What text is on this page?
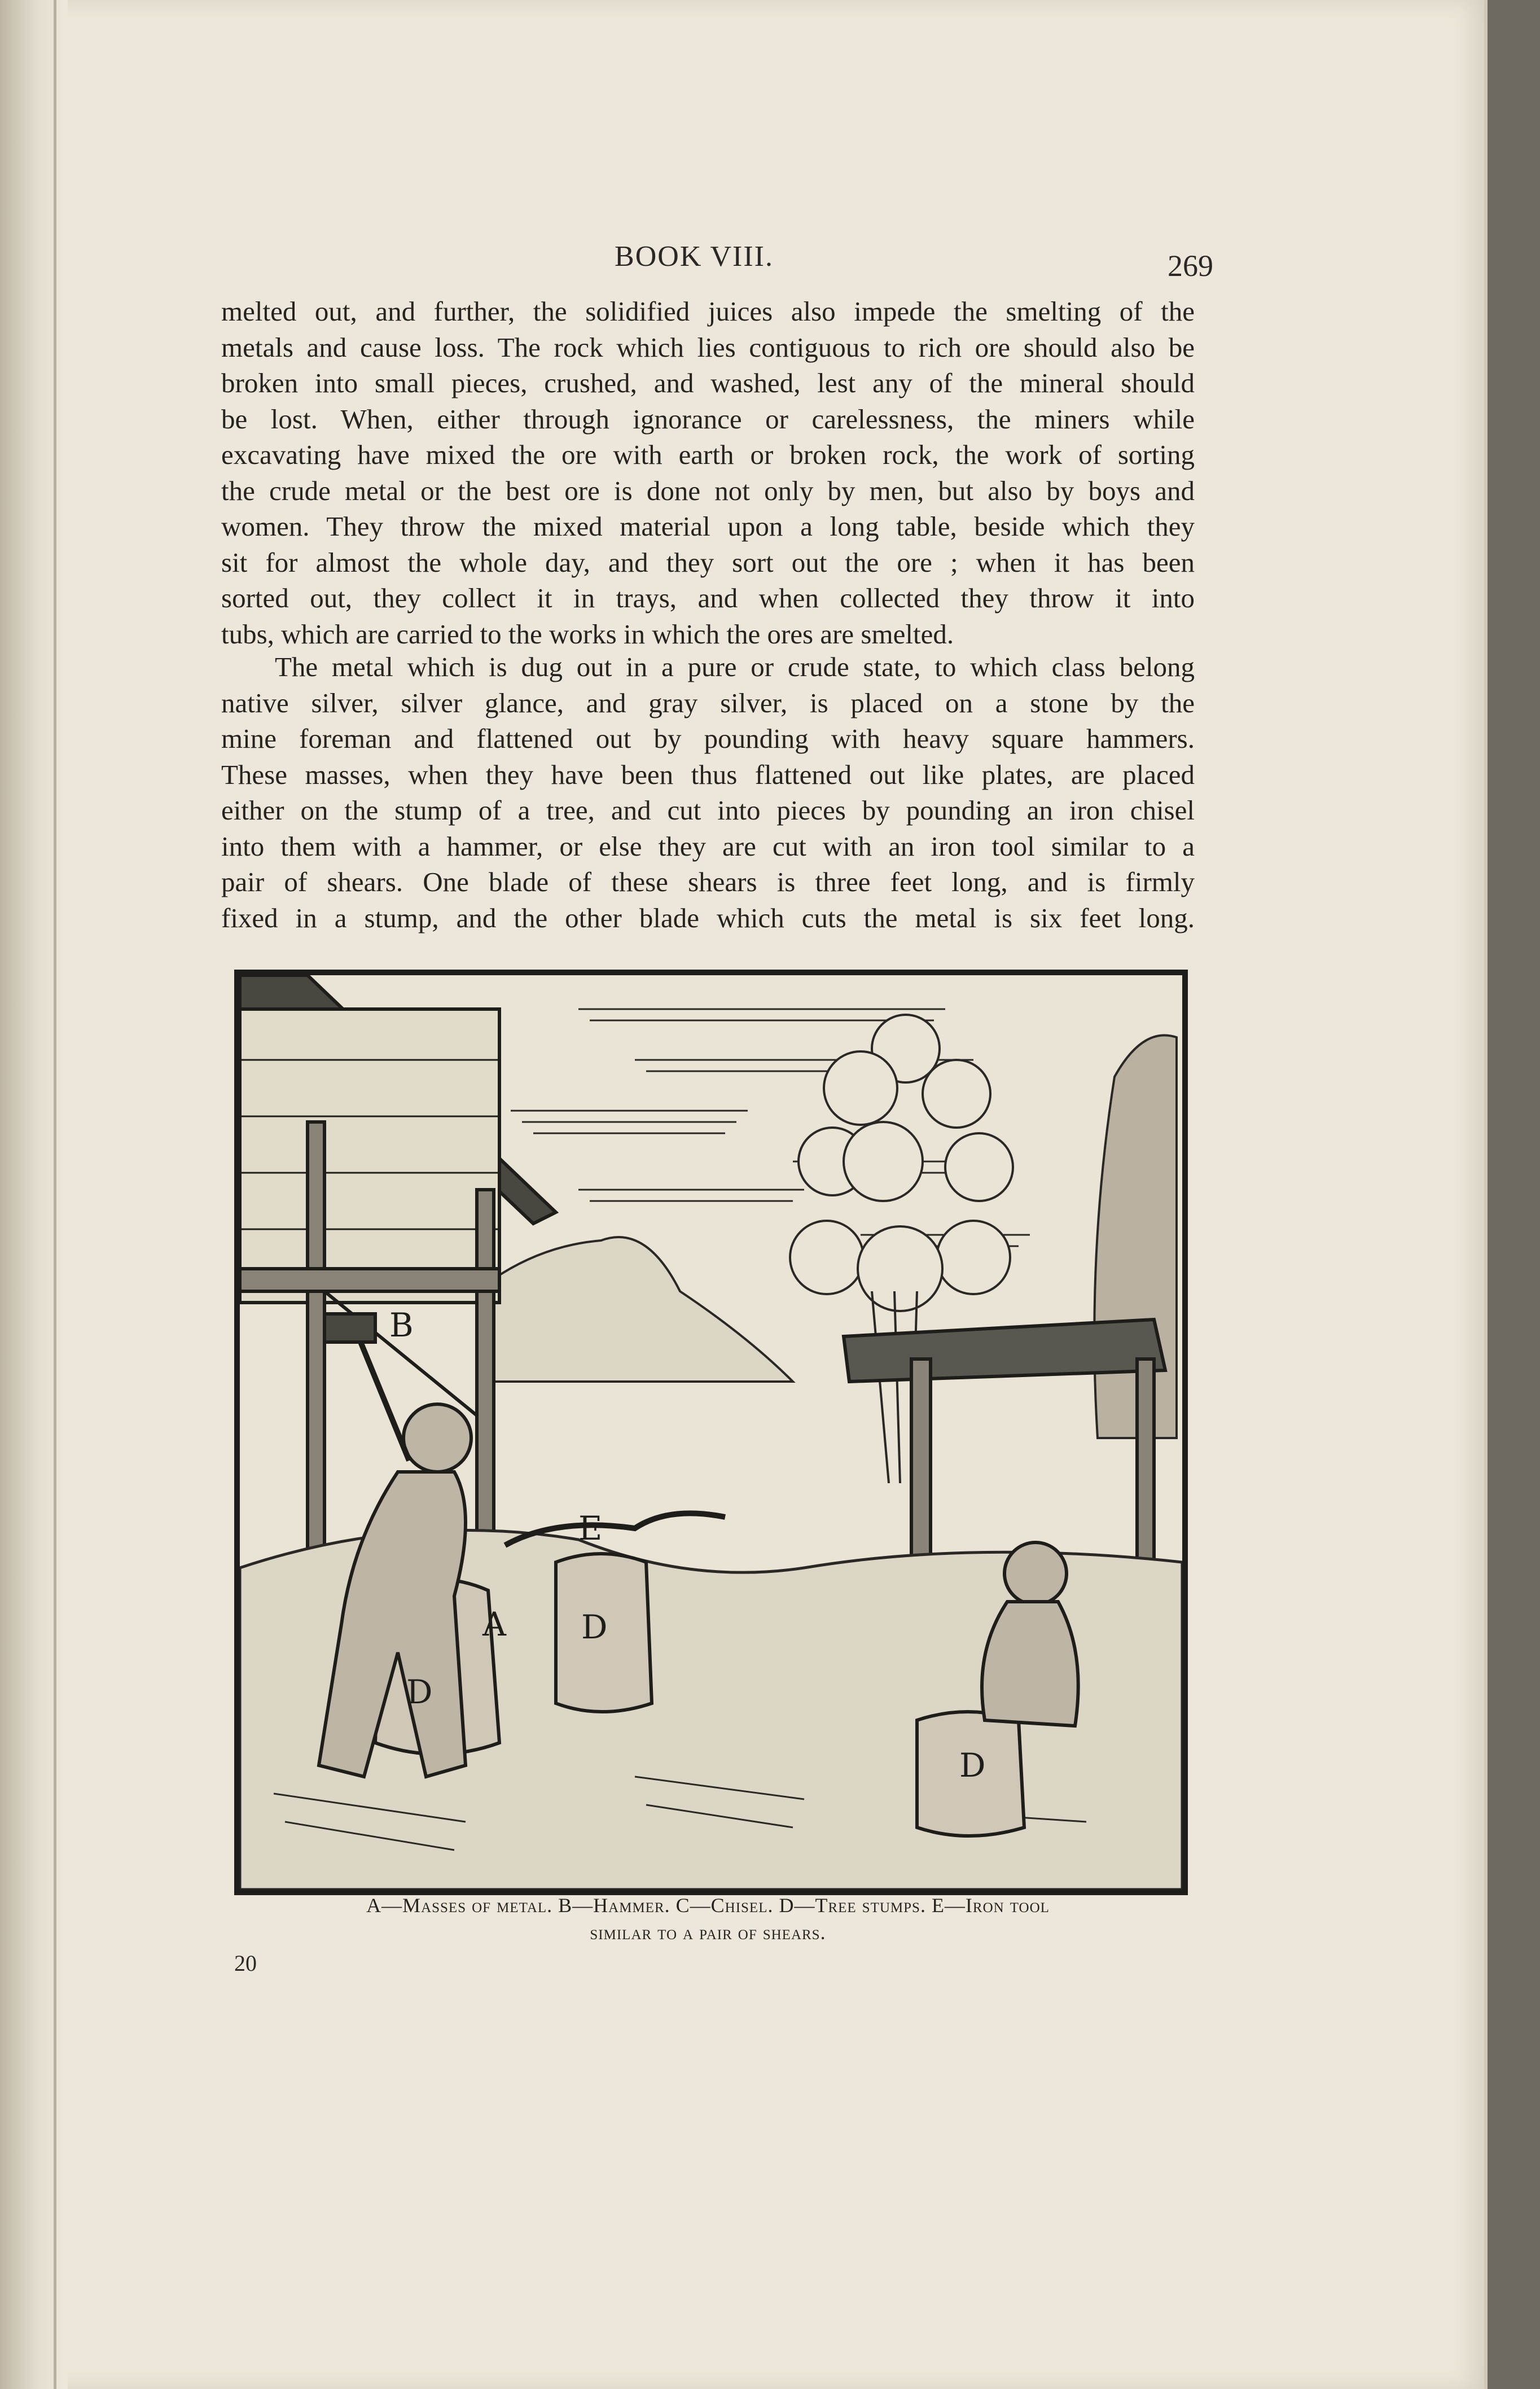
BOOK VIII.	269

melted out, and further, the solidified juices also impede the smelting of the
metals and cause loss. The rock which lies contiguous to rich ore should also be
broken into small pieces, crushed, and washed, lest any of the mineral should
be lost. When, either through ignorance or carelessness, the miners while
excavating have mixed the ore with earth or broken rock, the work of sorting
the crude metal or the best ore is done not only by men, but also by boys and
women. They throw the mixed material upon a long table, beside which they
sit for almost the whole day, and they sort out the ore ; when it has been
sorted out, they collect it in trays, and when collected they throw it into
tubs, which are carried to the works in which the ores are smelted.

The metal which is dug out in a pure or crude state, to which class belong
native silver, silver glance, and gray silver, is placed on a stone by the
mine foreman and flattened out by pounding with heavy square hammers.
These masses, when they have been thus flattened out like plates, are placed
either on the stump of a tree, and cut into pieces by pounding an iron chisel
into them with a hammer, or else they are cut with an iron tool similar to a
pair of shears. One blade of these shears is three feet long, and is firmly
fixed in a stump, and the other blade which cuts the metal is six feet long.

B
A
D
D
D
E
A—Masses of metal. B—Hammer. C—Chisel. D—Tree stumps. E—Iron tool
similar to a pair of shears.
20
